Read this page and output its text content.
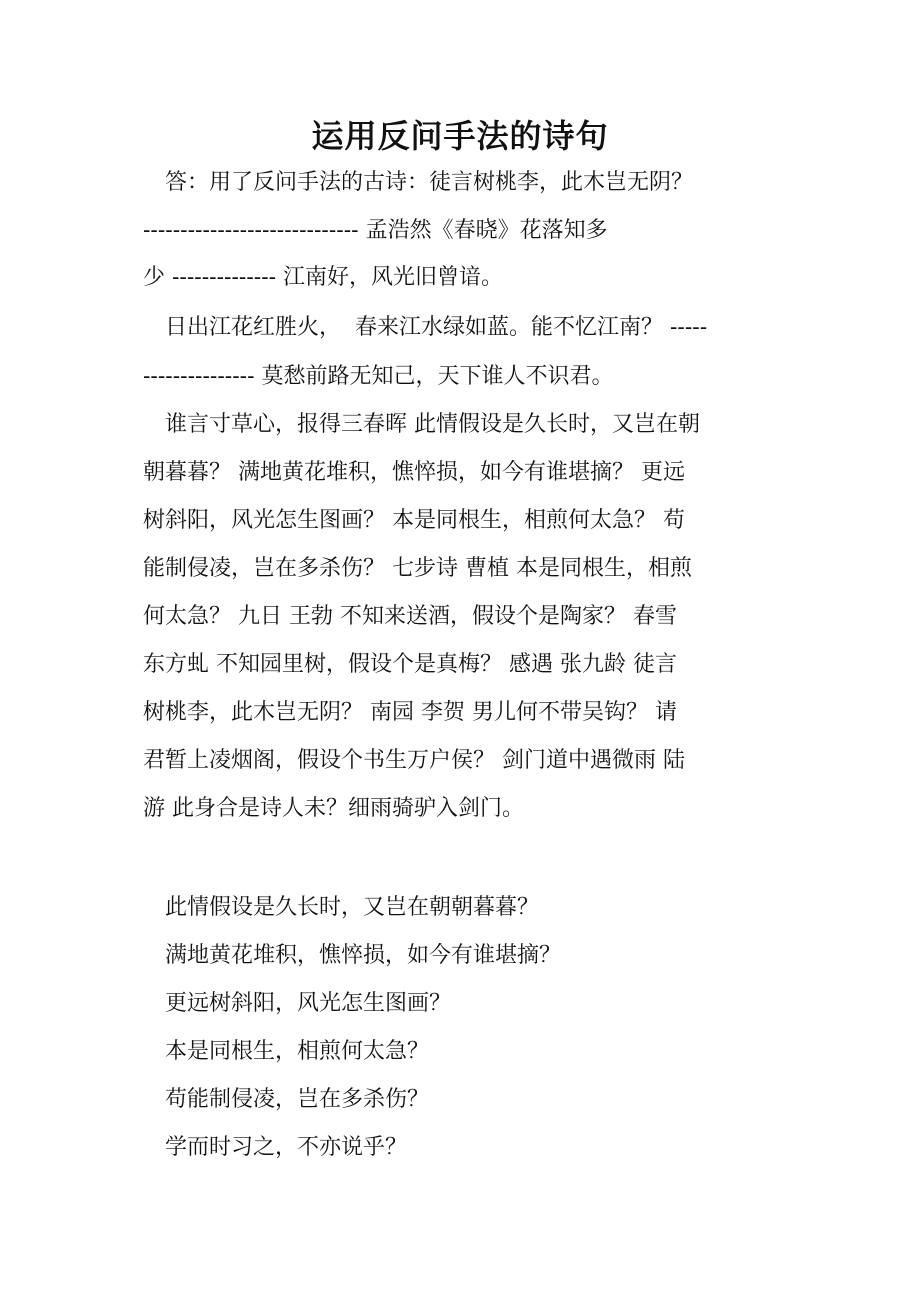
运用反问手法的诗句

答：用了反问手法的古诗：徒言树桃李，此木岂无阴？

----------------------------- 孟浩然《春晓》花落知多

少 -------------- 江南好，风光旧曾谙。

日出江花红胜火，  春来江水绿如蓝。能不忆江南？ -----

--------------- 莫愁前路无知己，天下谁人不识君。

谁言寸草心，报得三春晖 此情假设是久长时，又岂在朝

朝暮暮？ 满地黄花堆积，憔悴损，如今有谁堪摘？ 更远

树斜阳，风光怎生图画？ 本是同根生，相煎何太急？ 苟

能制侵凌，岂在多杀伤？ 七步诗 曹植 本是同根生，相煎

何太急？ 九日 王勃 不知来送酒，假设个是陶家？ 春雪

东方虬 不知园里树，假设个是真梅？ 感遇 张九龄 徒言

树桃李，此木岂无阴？ 南园 李贺 男儿何不带吴钩？ 请

君暂上凌烟阁，假设个书生万户侯？ 剑门道中遇微雨 陆

游 此身合是诗人未？细雨骑驴入剑门。

此情假设是久长时，又岂在朝朝暮暮？

满地黄花堆积，憔悴损，如今有谁堪摘？

更远树斜阳，风光怎生图画？

本是同根生，相煎何太急？

苟能制侵凌，岂在多杀伤？

学而时习之，不亦说乎？
